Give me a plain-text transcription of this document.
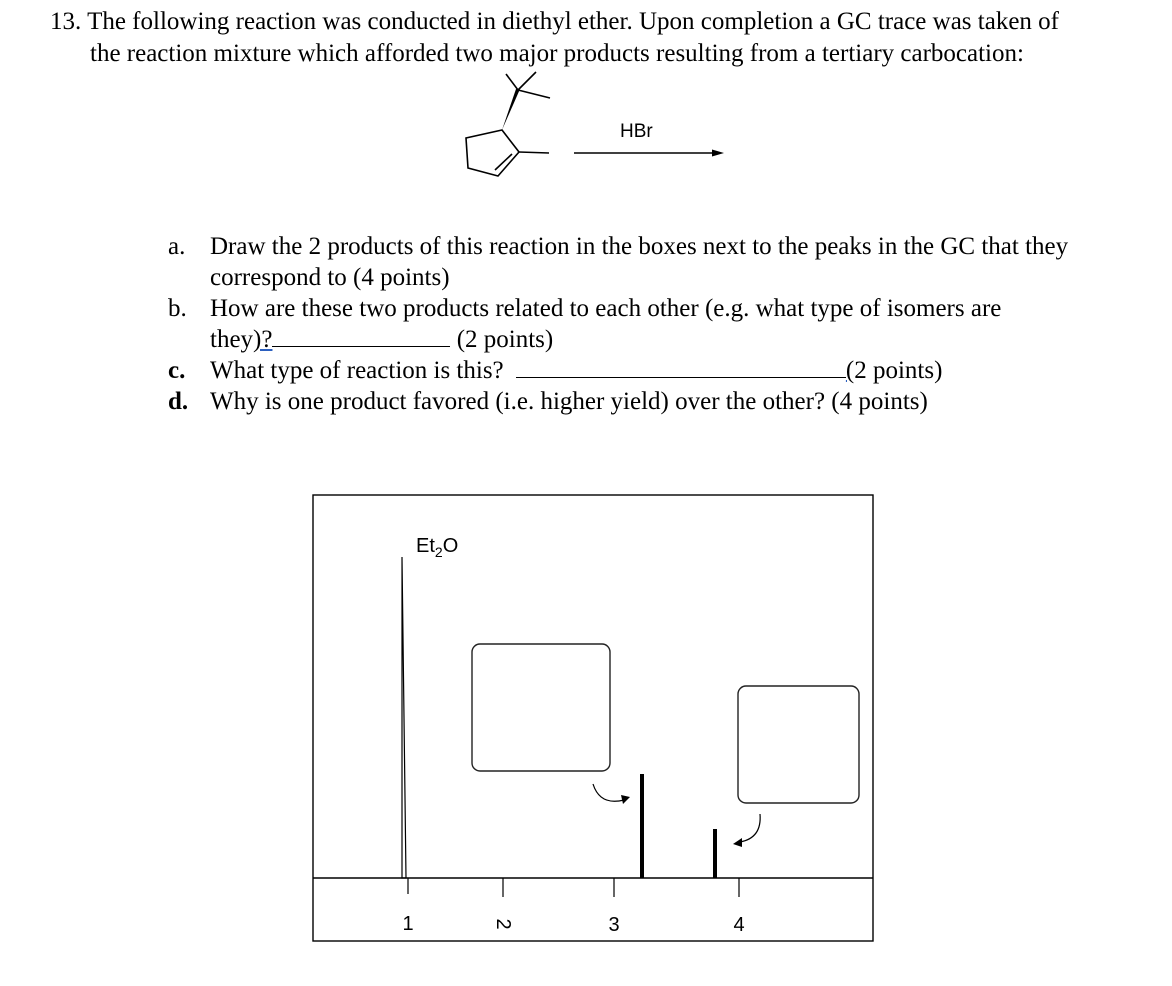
13. The following reaction was conducted in diethyl ether. Upon completion a GC trace was taken of
the reaction mixture which afforded two major products resulting from a tertiary carbocation:
HBr
a. Draw the 2 products of this reaction in the boxes next to the peaks in the GC that they
correspond to (4 points)
b. How are these two products related to each other (e.g. what type of isomers are
they)?	(2 points)
c. What type of reaction is this?	(2 points)
d. Why is one product favored (i.e. higher yield) over the other? (4 points)
$Et_2O$
1	2	3	4
